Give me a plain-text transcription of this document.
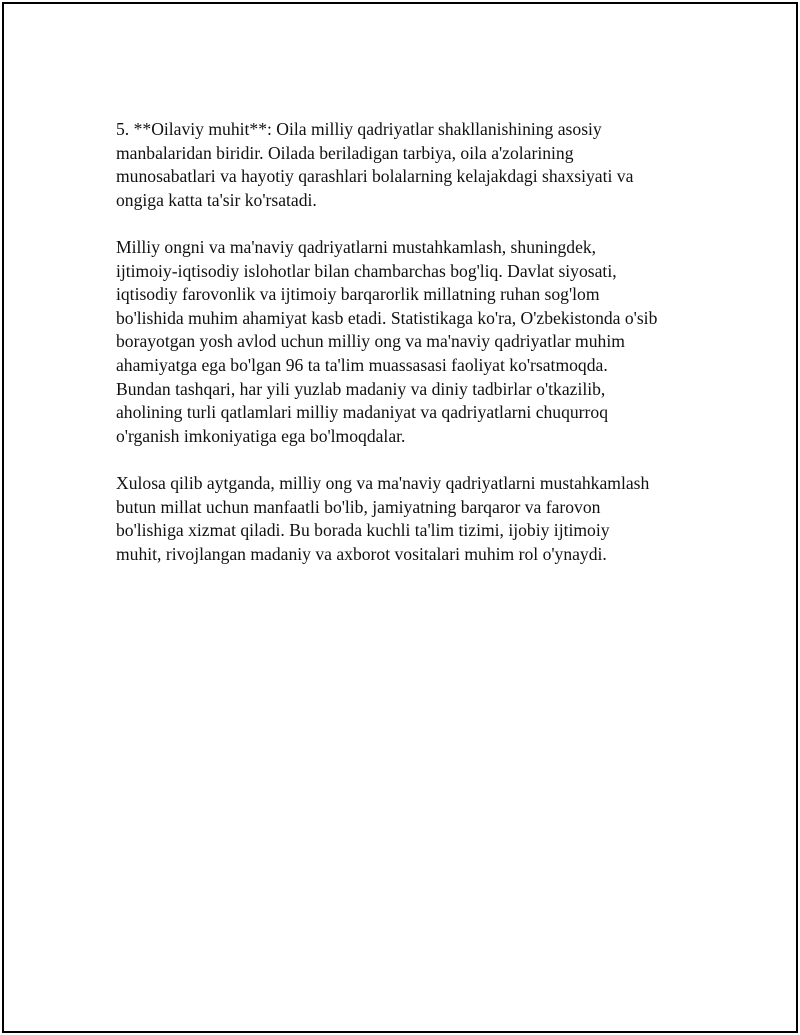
5. **Oilaviy muhit**: Oila milliy qadriyatlar shakllanishining asosiy
manbalaridan biridir. Oilada beriladigan tarbiya, oila a'zolarining
munosabatlari va hayotiy qarashlari bolalarning kelajakdagi shaxsiyati va
ongiga katta ta'sir ko'rsatadi.

Milliy ongni va ma'naviy qadriyatlarni mustahkamlash, shuningdek,
ijtimoiy-iqtisodiy islohotlar bilan chambarchas bog'liq. Davlat siyosati,
iqtisodiy farovonlik va ijtimoiy barqarorlik millatning ruhan sog'lom
bo'lishida muhim ahamiyat kasb etadi. Statistikaga ko'ra, O'zbekistonda o'sib
borayotgan yosh avlod uchun milliy ong va ma'naviy qadriyatlar muhim
ahamiyatga ega bo'lgan 96 ta ta'lim muassasasi faoliyat ko'rsatmoqda.
Bundan tashqari, har yili yuzlab madaniy va diniy tadbirlar o'tkazilib,
aholining turli qatlamlari milliy madaniyat va qadriyatlarni chuqurroq
o'rganish imkoniyatiga ega bo'lmoqdalar.

Xulosa qilib aytganda, milliy ong va ma'naviy qadriyatlarni mustahkamlash
butun millat uchun manfaatli bo'lib, jamiyatning barqaror va farovon
bo'lishiga xizmat qiladi. Bu borada kuchli ta'lim tizimi, ijobiy ijtimoiy
muhit, rivojlangan madaniy va axborot vositalari muhim rol o'ynaydi.
